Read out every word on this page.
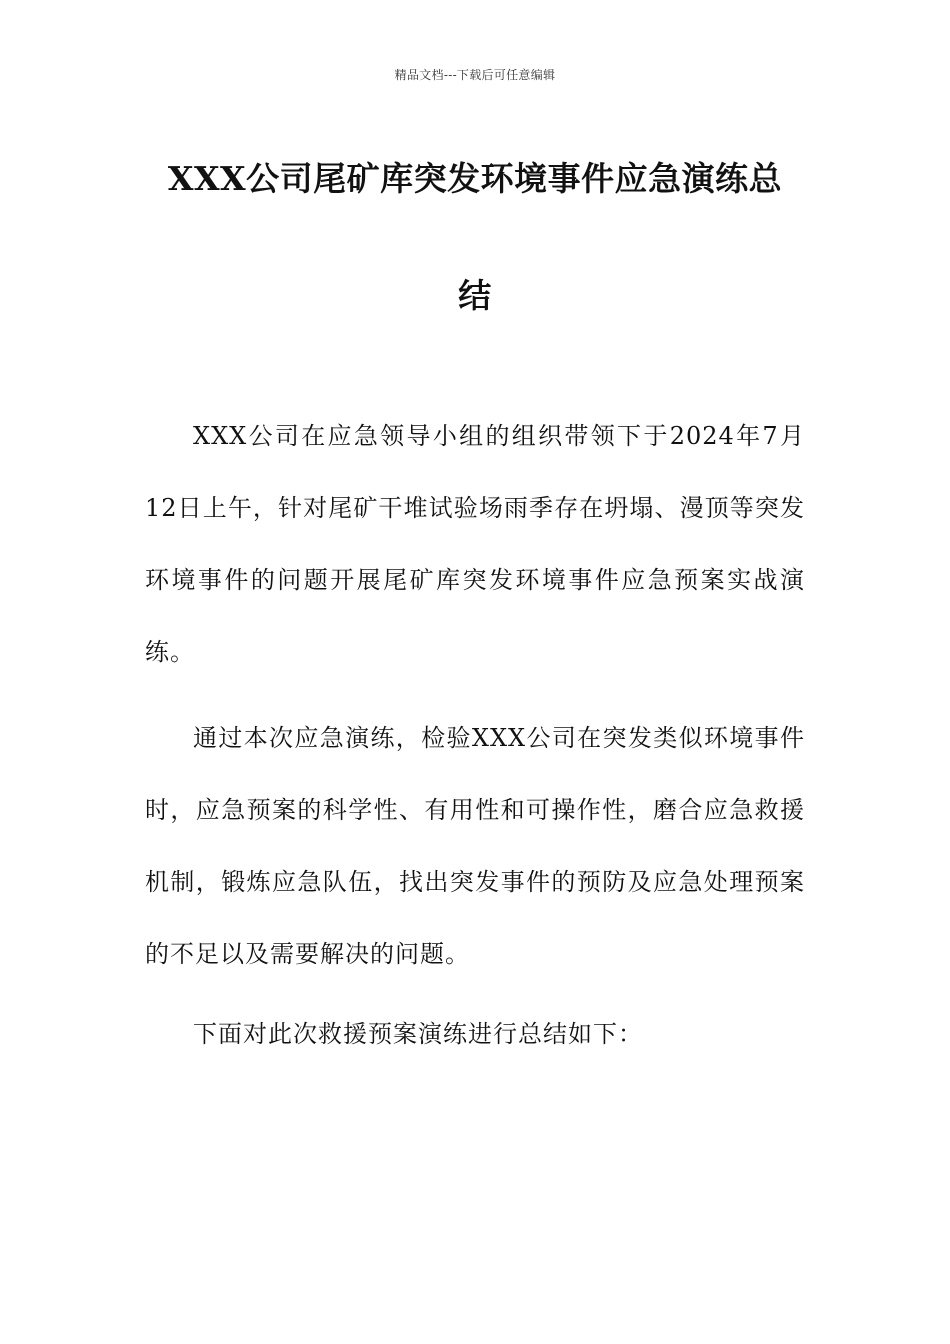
精品文档---下载后可任意编辑
XXX公司尾矿库突发环境事件应急演练总
结

XXX公司在应急领导小组的组织带领下于2024年7月12日上午，针对尾矿干堆试验场雨季存在坍塌、漫顶等突发环境事件的问题开展尾矿库突发环境事件应急预案实战演练。

通过本次应急演练，检验XXX公司在突发类似环境事件时，应急预案的科学性、有用性和可操作性，磨合应急救援机制，锻炼应急队伍，找出突发事件的预防及应急处理预案的不足以及需要解决的问题。

下面对此次救援预案演练进行总结如下：
